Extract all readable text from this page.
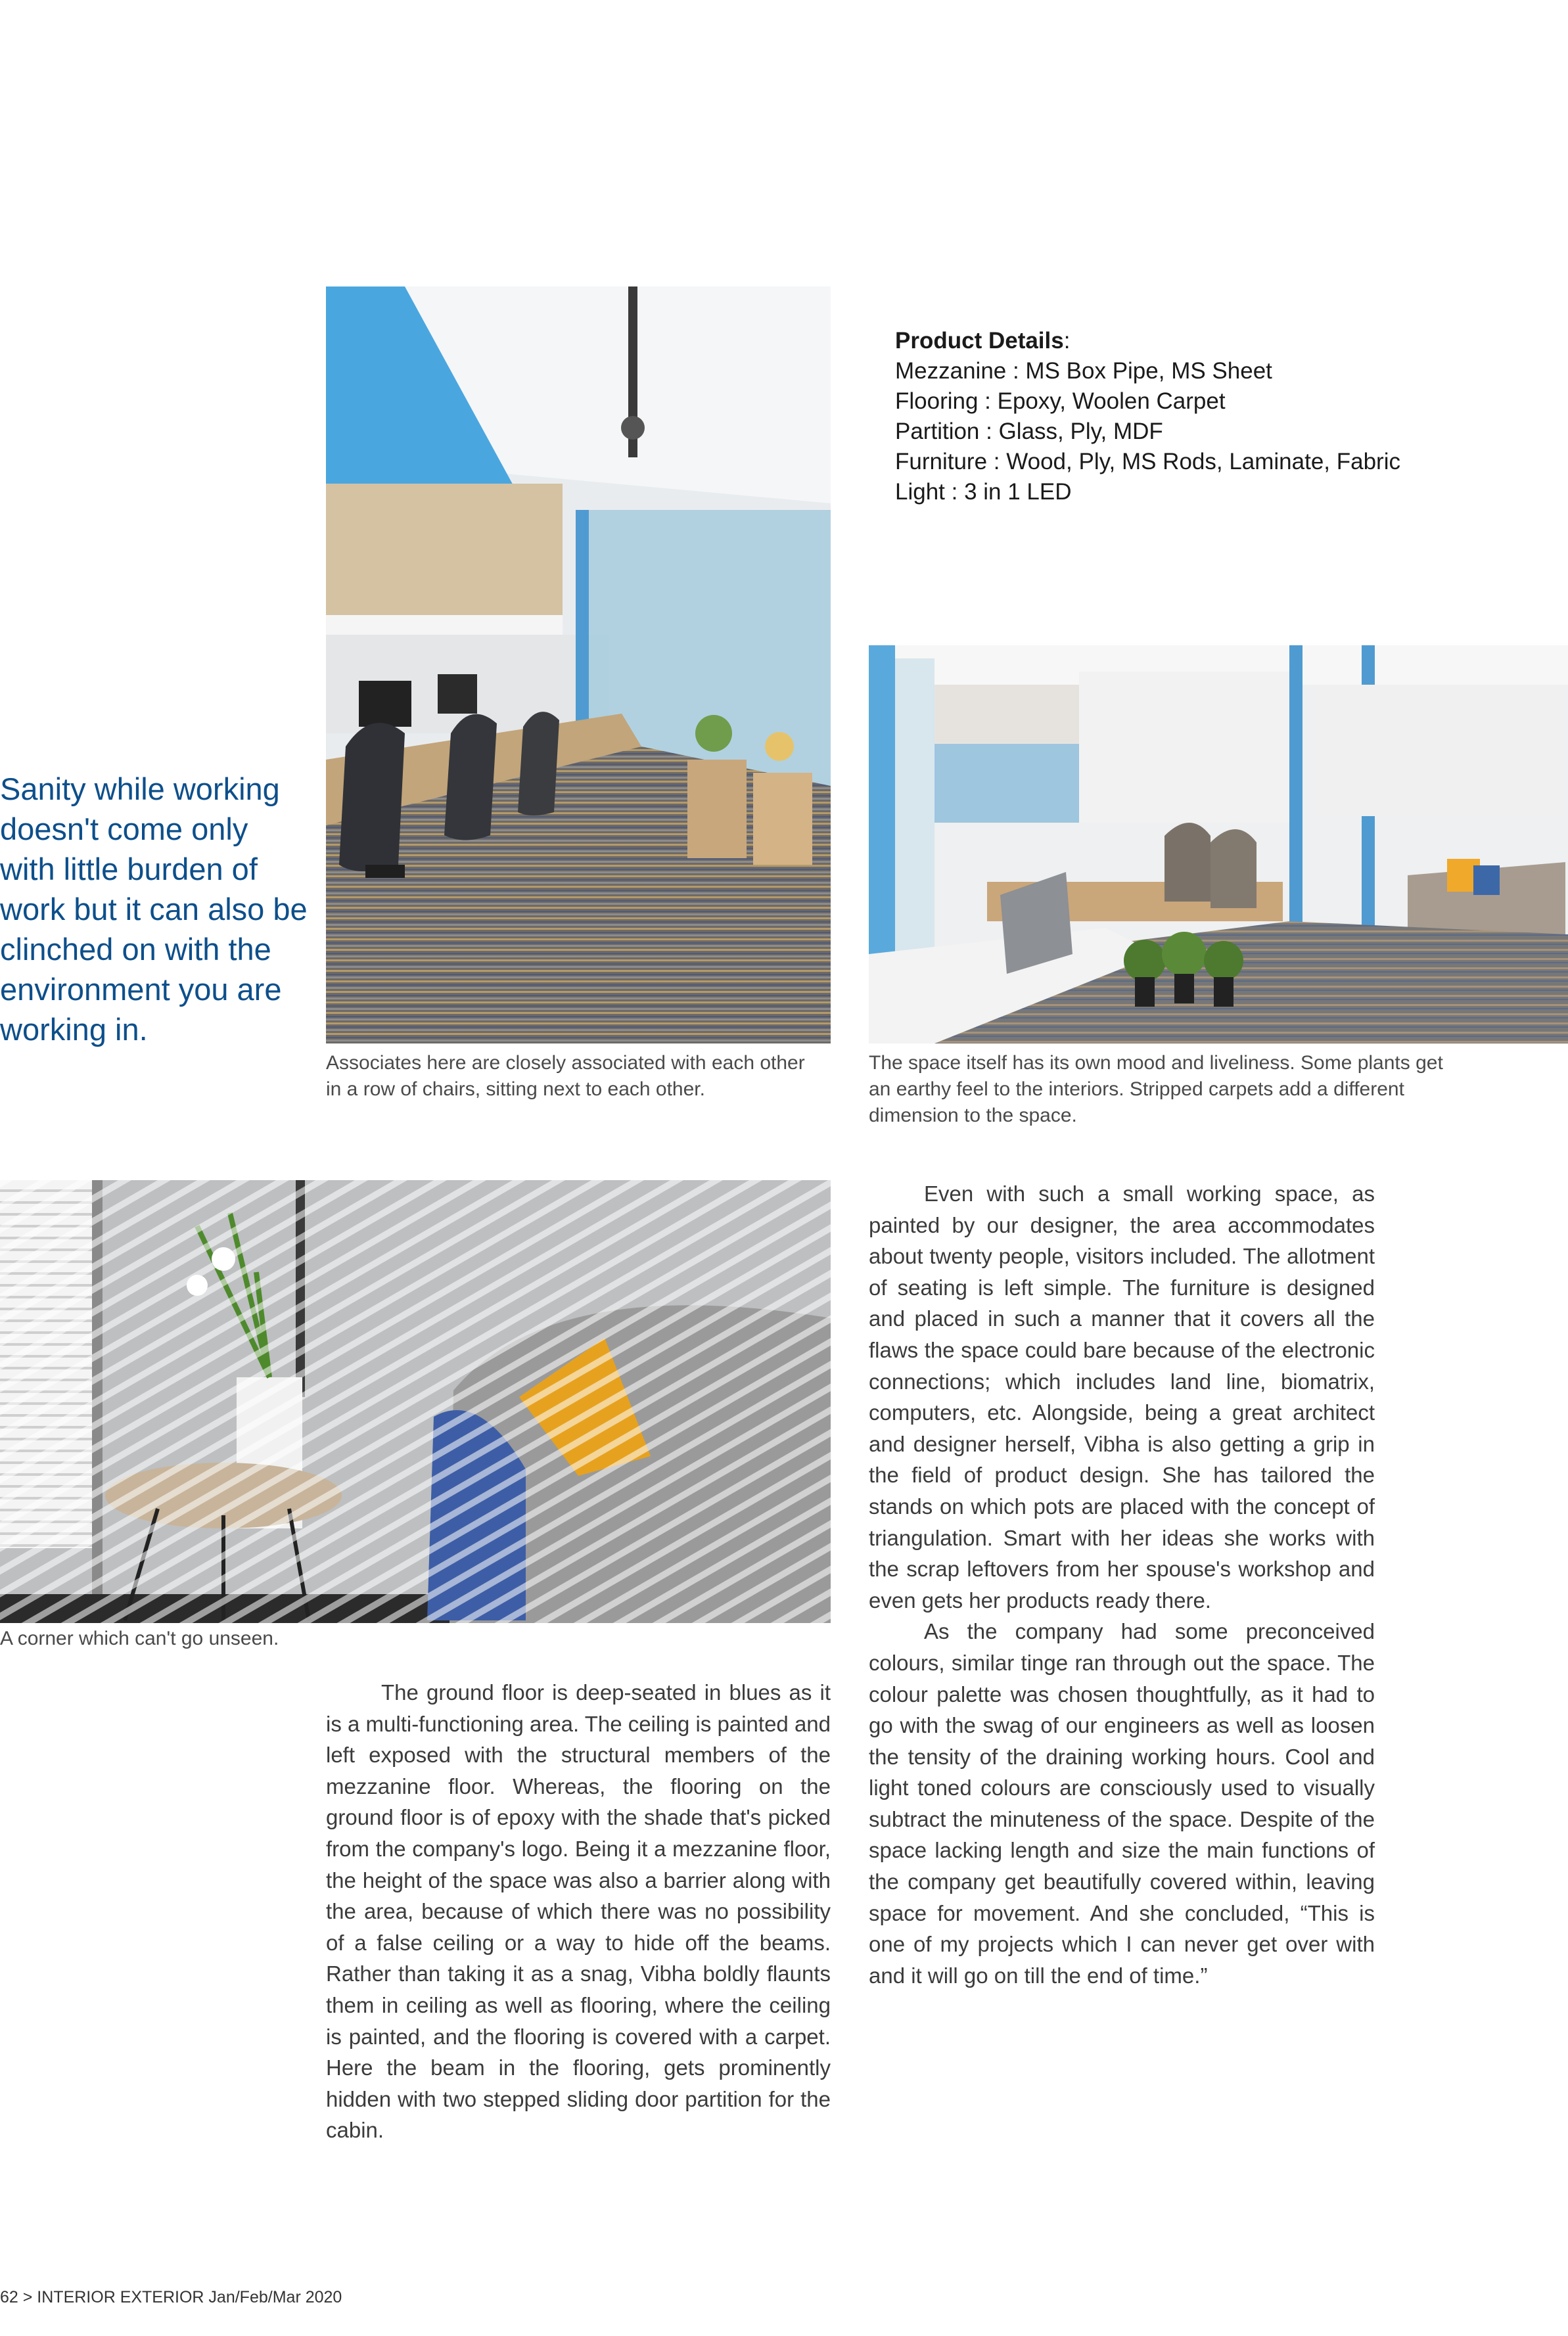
Product Details:
Mezzanine : MS Box Pipe, MS Sheet
Flooring : Epoxy, Woolen Carpet
Partition : Glass, Ply, MDF
Furniture : Wood, Ply, MS Rods, Laminate, Fabric
Light : 3 in 1 LED
Sanity while working doesn't come only with little burden of work but it can also be clinched on with the environment you are working in.
Associates here are closely associated with each other in a row of chairs, sitting next to each other.
The space itself has its own mood and liveliness. Some plants get an earthy feel to the interiors. Stripped carpets add a different dimension to the space.
A corner which can't go unseen.

The ground floor is deep-seated in blues as it is a multi-functioning area. The ceiling is painted and left exposed with the structural members of the mezzanine floor. Whereas, the flooring on the ground floor is of epoxy with the shade that's picked from the company's logo. Being it a mezzanine floor, the height of the space was also a barrier along with the area, because of which there was no possibility of a false ceiling or a way to hide off the beams. Rather than taking it as a snag, Vibha boldly flaunts them in ceiling as well as flooring, where the ceiling is painted, and the flooring is covered with a carpet. Here the beam in the flooring, gets prominently hidden with two stepped sliding door partition for the cabin.

Even with such a small working space, as painted by our designer, the area accommodates about twenty people, visitors included. The allotment of seating is left simple. The furniture is designed and placed in such a manner that it covers all the flaws the space could bare because of the electronic connections; which includes land line, biomatrix, computers, etc. Alongside, being a great architect and designer herself, Vibha is also getting a grip in the field of product design. She has tailored the stands on which pots are placed with the concept of triangulation. Smart with her ideas she works with the scrap leftovers from her spouse's workshop and even gets her products ready there.

As the company had some preconceived colours, similar tinge ran through out the space. The colour palette was chosen thoughtfully, as it had to go with the swag of our engineers as well as loosen the tensity of the draining working hours. Cool and light toned colours are consciously used to visually subtract the minuteness of the space. Despite of the space lacking length and size the main functions of the company get beautifully covered within, leaving space for movement. And she concluded, “This is one of my projects which I can never get over with and it will go on till the end of time.”

62 > INTERIOR EXTERIOR Jan/Feb/Mar 2020
